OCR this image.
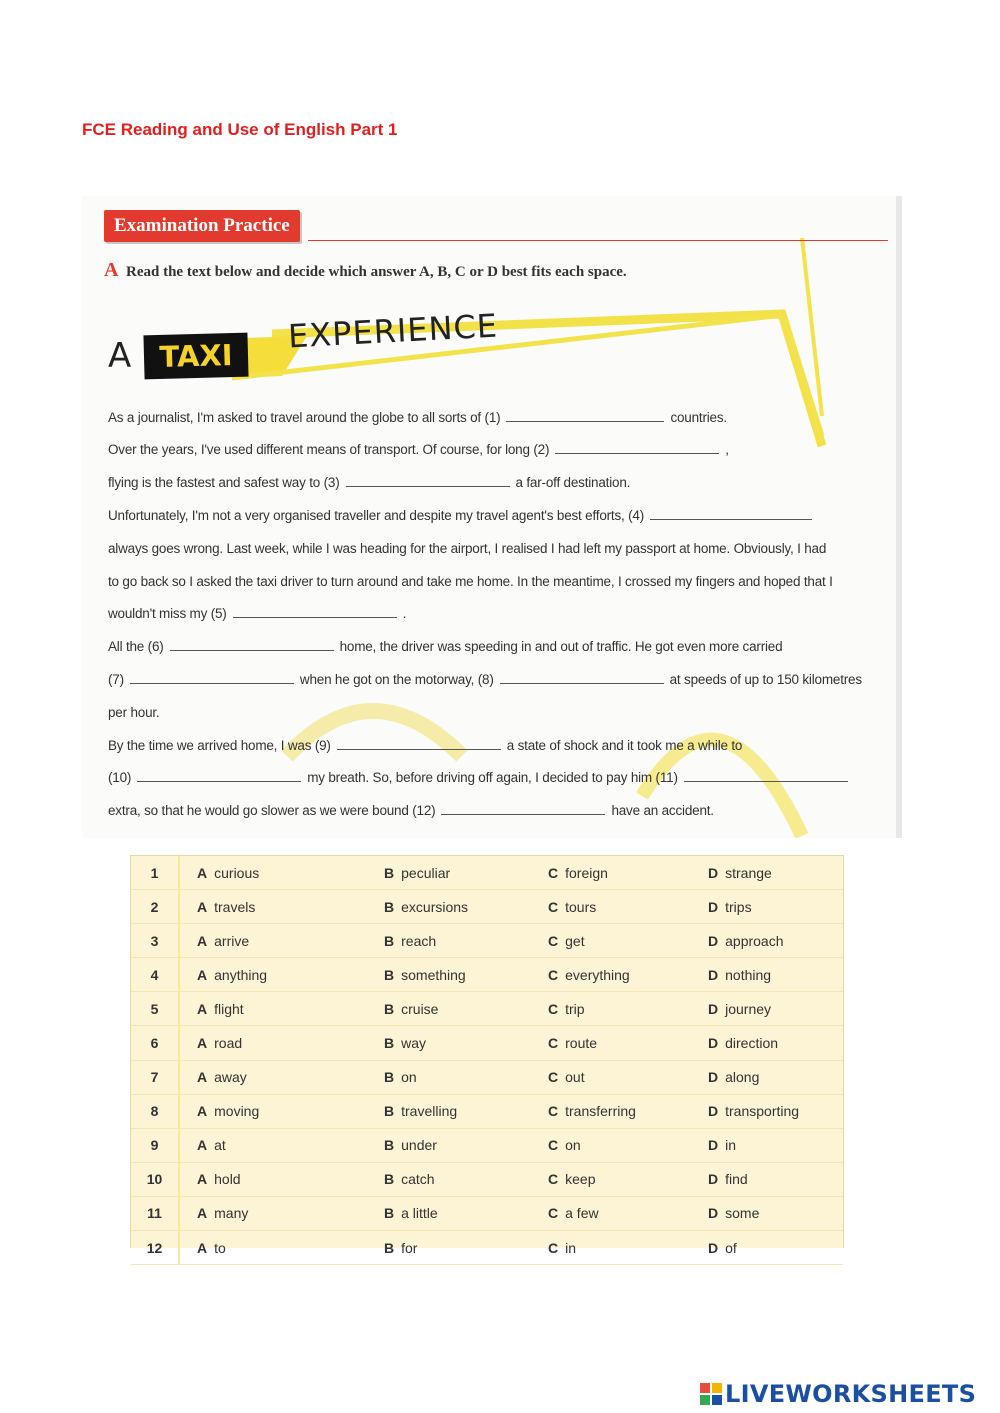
FCE Reading and Use of English Part 1
Examination Practice
A Read the text below and decide which answer A, B, C or D best fits each space.
A TAXI
EXPERIENCE
As a journalist, I'm asked to travel around the globe to all sorts of (1)	countries.
Over the years, I've used different means of transport. Of course, for long (2)	,
flying is the fastest and safest way to (3)	a far-off destination.
Unfortunately, I'm not a very organised traveller and despite my travel agent's best efforts, (4)
always goes wrong. Last week, while I was heading for the airport, I realised I had left my passport at home. Obviously, I had
to go back so I asked the taxi driver to turn around and take me home. In the meantime, I crossed my fingers and hoped that I
wouldn't miss my (5)	.
All the (6)	home, the driver was speeding in and out of traffic. He got even more carried
(7)	when he got on the motorway, (8)	at speeds of up to 150 kilometres
per hour.
By the time we arrived home, I was (9)	a state of shock and it took me a while to
(10)	my breath. So, before driving off again, I decided to pay him (11)
extra, so that he would go slower as we were bound (12)	have an accident.
1	A curious	B peculiar	C foreign	D strange
2	A travels	B excursions	C tours	D trips
3	A arrive	B reach	C get	D approach
4	A anything	B something	C everything	D nothing
5	A flight	B cruise	C trip	D journey
6	A road	B way	C route	D direction
7	A away	B on	C out	D along
8	A moving	B travelling	C transferring	D transporting
9	A at	B under	C on	D in
10	A hold	B catch	C keep	D find
11	A many	B a little	C a few	D some
12	A to	B for	C in	D of
LIVEWORKSHEETS
